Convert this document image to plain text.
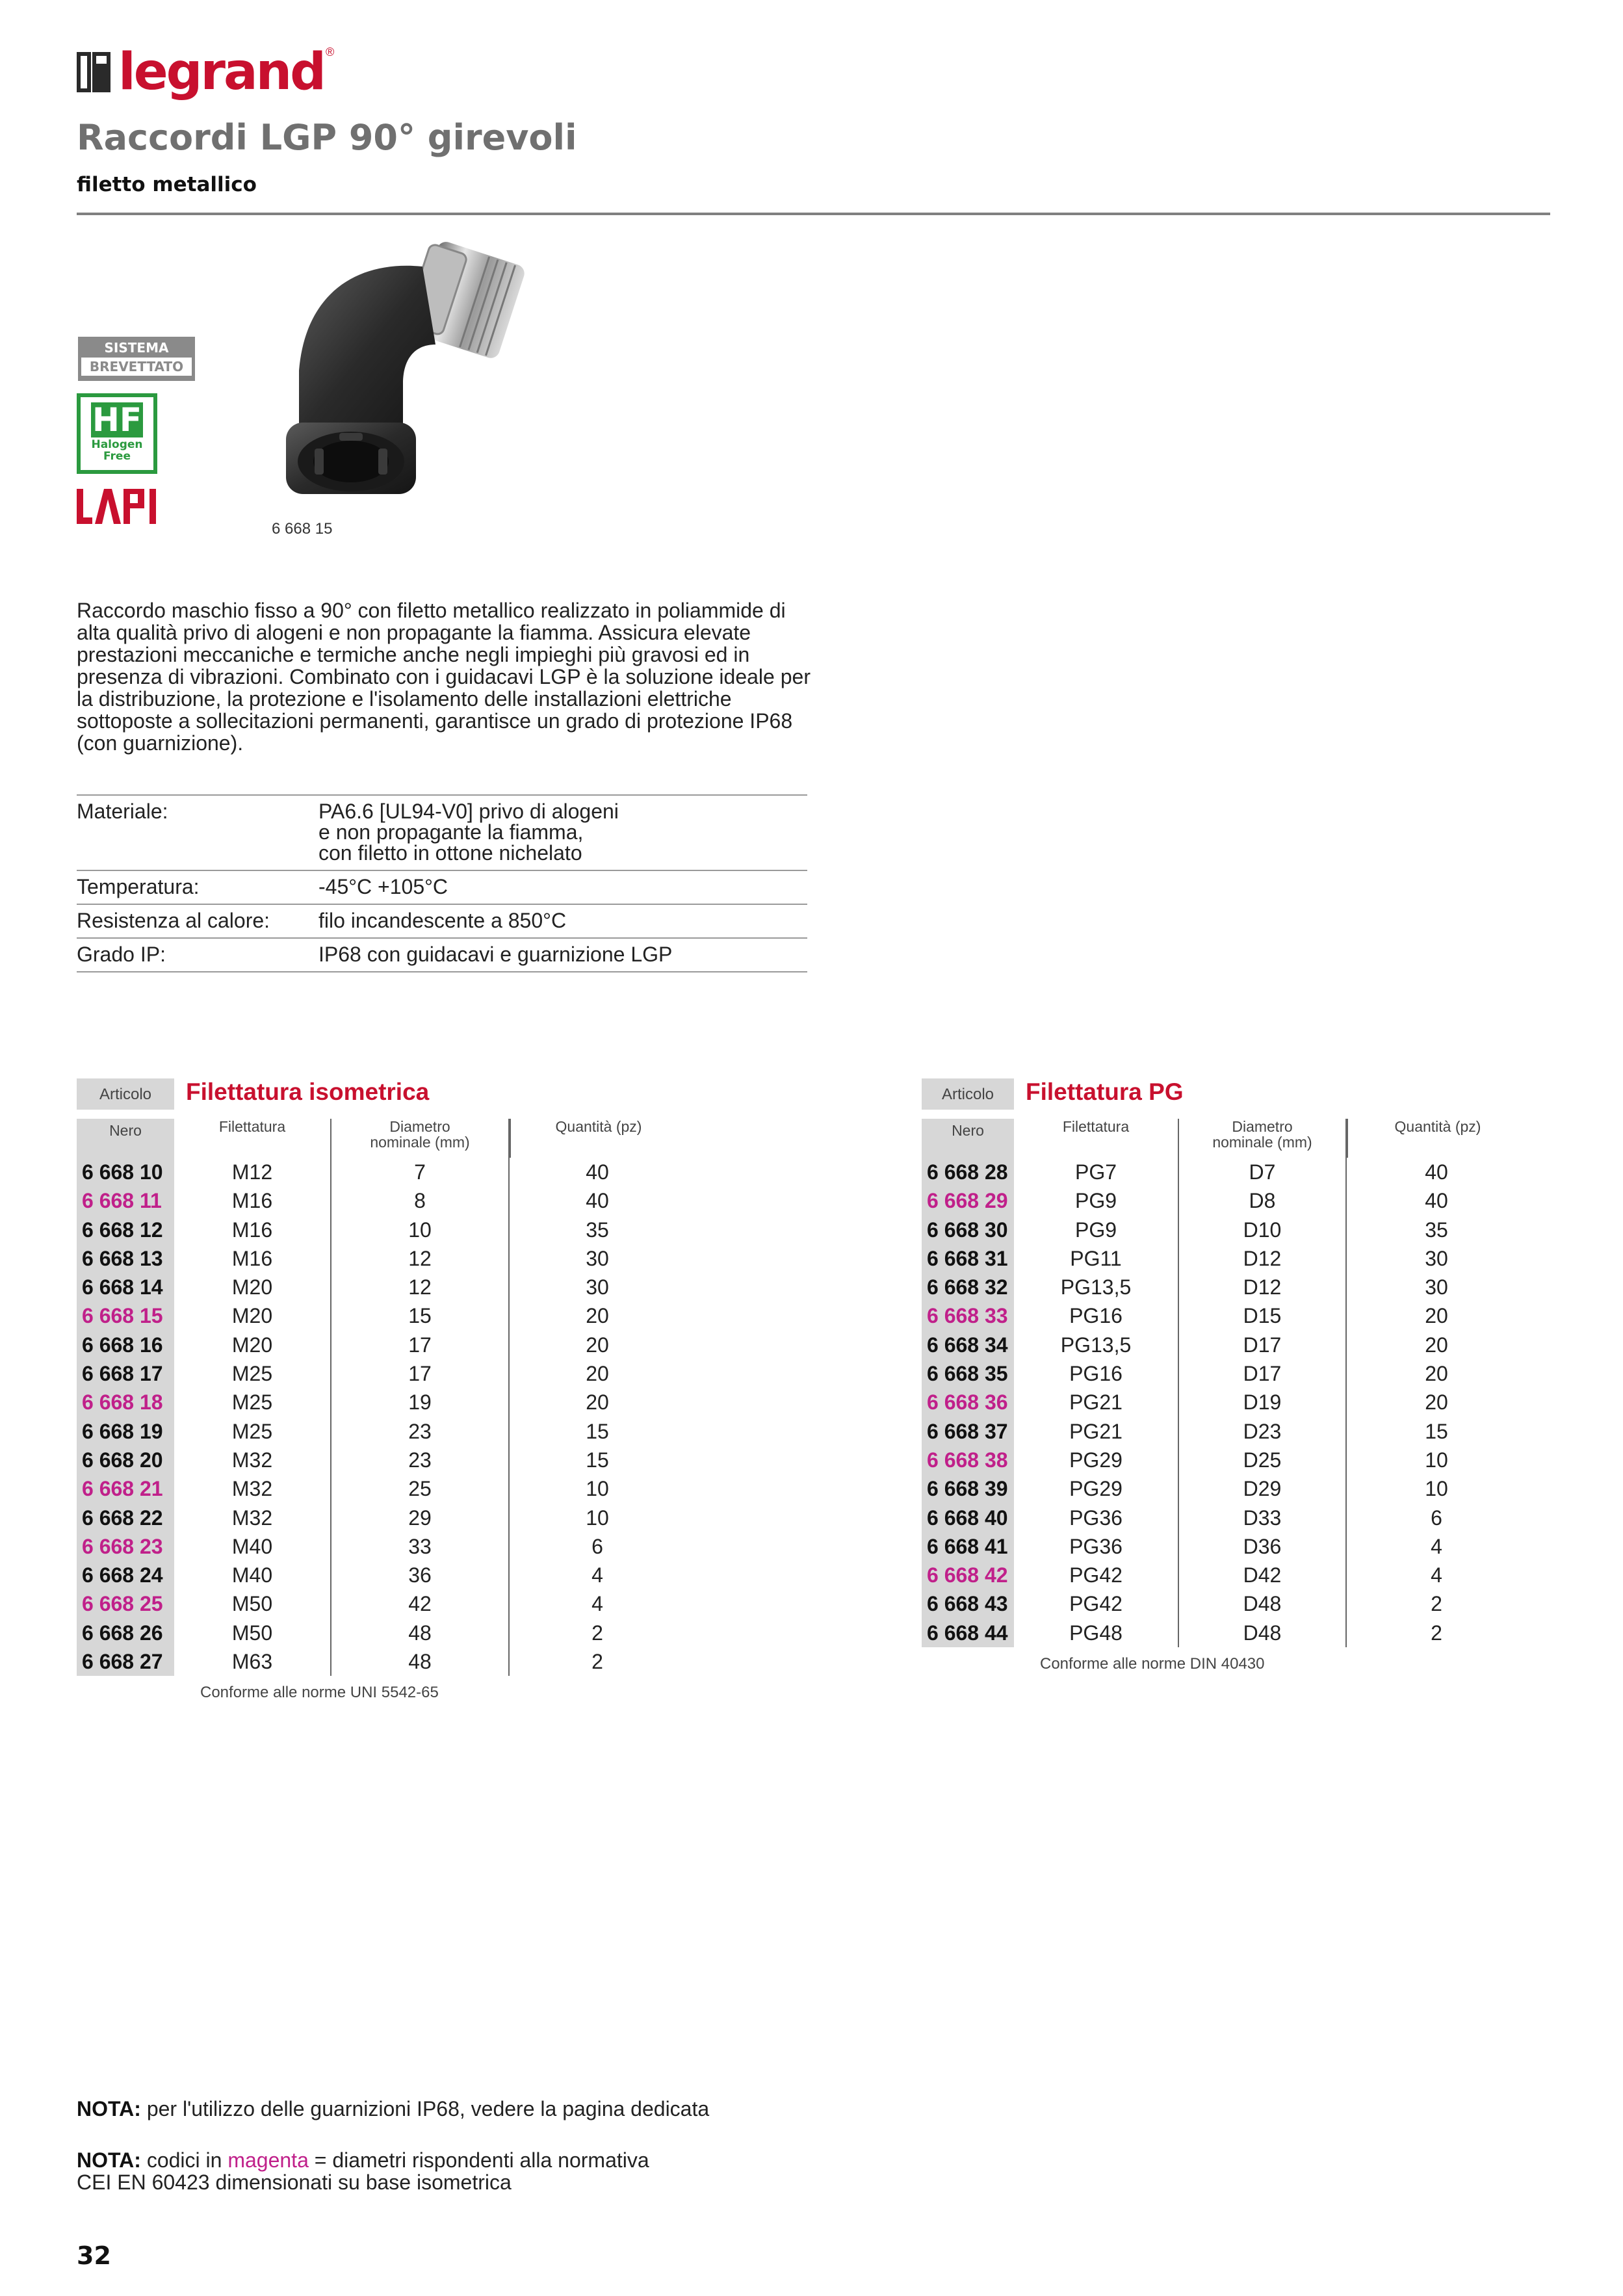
legrand ®
Raccordi LGP 90° girevoli
filetto metallico
SISTEMA
BREVETTATO
HF
Halogen
Free
LAPI
6 668 15
Raccordo maschio fisso a 90° con filetto metallico realizzato in poliammide di alta qualità privo di alogeni e non propagante la fiamma. Assicura elevate prestazioni meccaniche e termiche anche negli impieghi più gravosi ed in presenza di vibrazioni. Combinato con i guidacavi LGP è la soluzione ideale per la distribuzione, la protezione e l'isolamento delle installazioni elettriche sottoposte a sollecitazioni permanenti, garantisce un grado di protezione IP68 (con guarnizione).
Materiale:	PA6.6 [UL94-V0] privo di alogeni
e non propagante la fiamma,
con filetto in ottone nichelato
Temperatura:	-45°C +105°C
Resistenza al calore:	filo incandescente a 850°C
Grado IP:	IP68 con guidacavi e guarnizione LGP
Articolo	Filettatura isometrica
Nero	Filettatura	Diametro
nominale (mm)
Quantità (pz)
6 668 10	M12	7	40
6 668 11	M16	8	40
6 668 12	M16	10	35
6 668 13	M16	12	30
6 668 14	M20	12	30
6 668 15	M20	15	20
6 668 16	M20	17	20
6 668 17	M25	17	20
6 668 18	M25	19	20
6 668 19	M25	23	15
6 668 20	M32	23	15
6 668 21	M32	25	10
6 668 22	M32	29	10
6 668 23	M40	33	6
6 668 24	M40	36	4
6 668 25	M50	42	4
6 668 26	M50	48	2
6 668 27	M63	48	2
Conforme alle norme UNI 5542-65
Articolo	Filettatura PG
Nero	Filettatura	Diametro
nominale (mm)
Quantità (pz)
6 668 28	PG7	D7	40
6 668 29	PG9	D8	40
6 668 30	PG9	D10	35
6 668 31	PG11	D12	30
6 668 32	PG13,5	D12	30
6 668 33	PG16	D15	20
6 668 34	PG13,5	D17	20
6 668 35	PG16	D17	20
6 668 36	PG21	D19	20
6 668 37	PG21	D23	15
6 668 38	PG29	D25	10
6 668 39	PG29	D29	10
6 668 40	PG36	D33	6
6 668 41	PG36	D36	4
6 668 42	PG42	D42	4
6 668 43	PG42	D48	2
6 668 44	PG48	D48	2
Conforme alle norme DIN 40430
NOTA: per l'utilizzo delle guarnizioni IP68, vedere la pagina dedicata
NOTA: codici in magenta = diametri rispondenti alla normativa
CEI EN 60423 dimensionati su base isometrica
32
